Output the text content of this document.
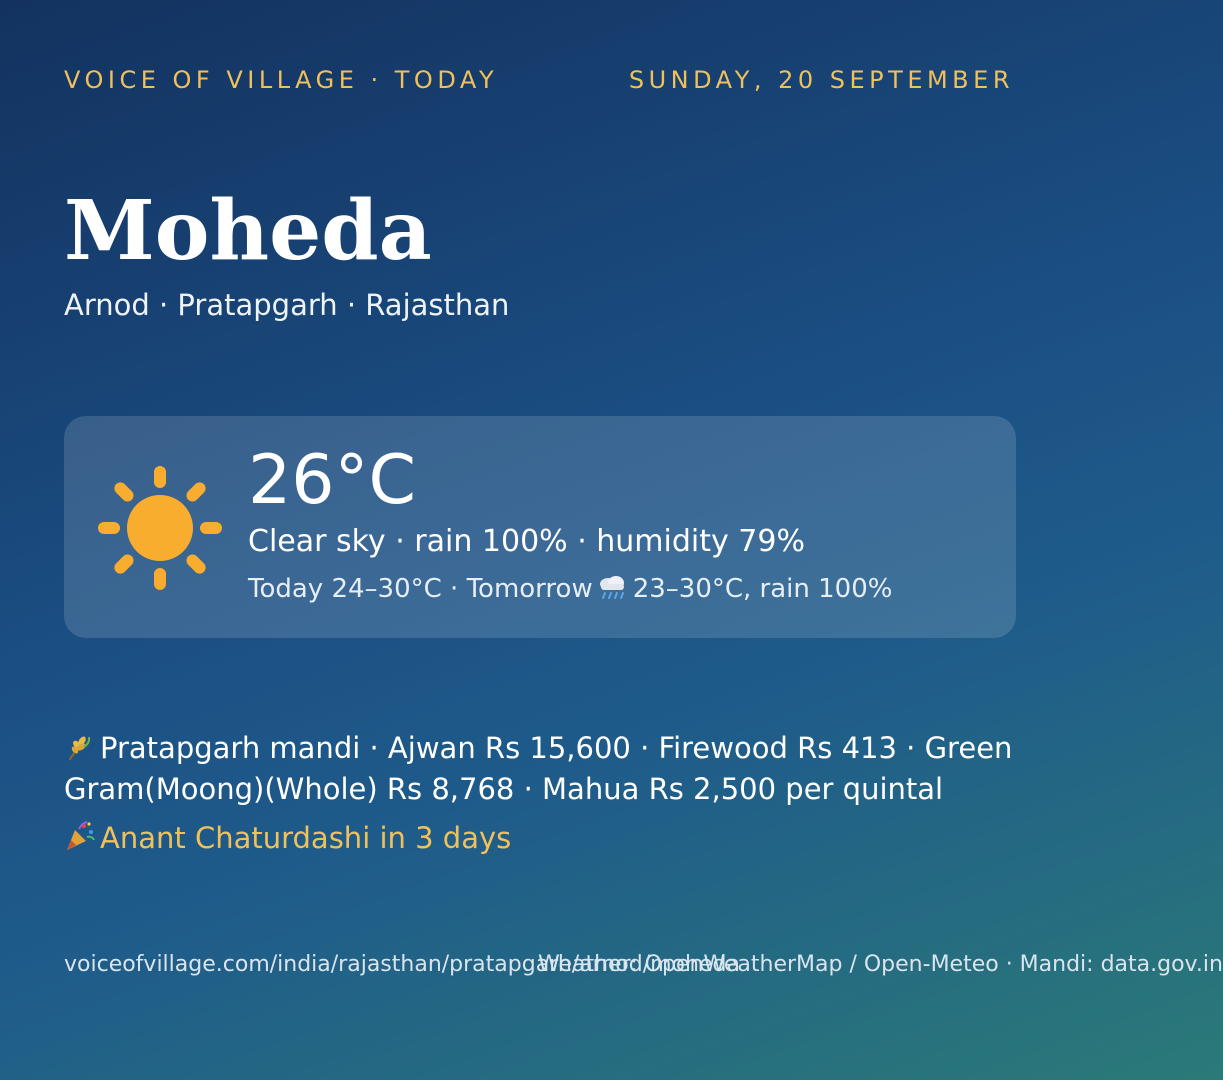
VOICE OF VILLAGE · TODAY	SUNDAY, 20 SEPTEMBER
Moheda
Arnod · Pratapgarh · Rajasthan
26°C
Clear sky · rain 100% · humidity 79%
Today 24–30°C · Tomorrow 23–30°C, rain 100%
Pratapgarh mandi · Ajwan Rs 15,600 · Firewood Rs 413 · Green Gram(Moong)(Whole) Rs 8,768 · Mahua Rs 2,500 per quintal
Anant Chaturdashi in 3 days
voiceofvillage.com/india/rajasthan/pratapgarh/arnod/moheda
Weather: OpenWeatherMap / Open-Meteo · Mandi: data.gov.in
